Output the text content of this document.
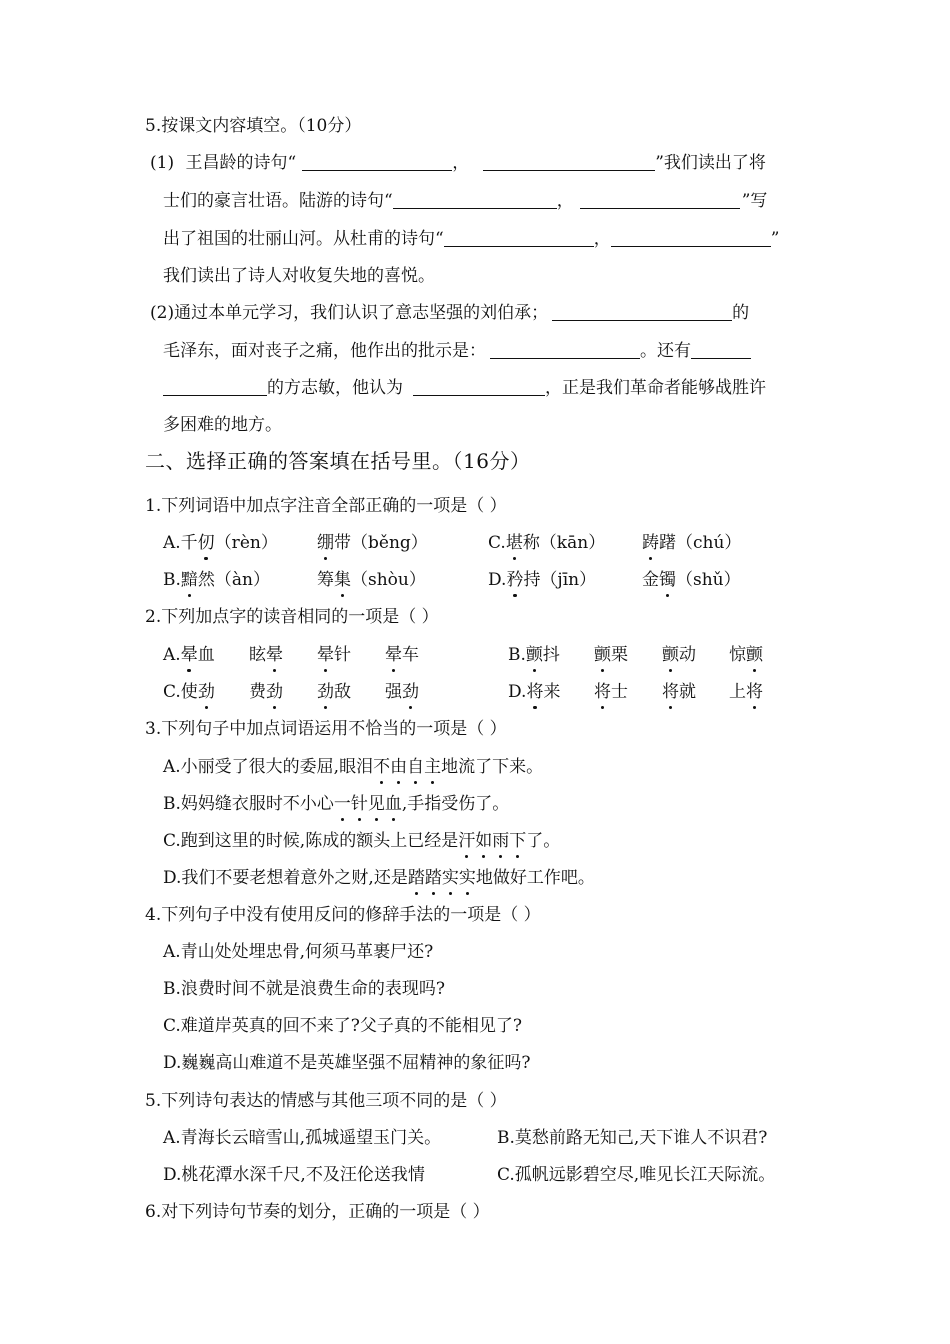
5.按课文内容填空。（10分）
(1) 王昌龄的诗句“	，	”我们读出了将
士们的豪言壮语。陆游的诗句“	，	”写
出了祖国的壮丽山河。从杜甫的诗句“	，	”
我们读出了诗人对收复失地的喜悦。
(2)通过本单元学习，我们认识了意志坚强的刘伯承；	的
毛泽东，面对丧子之痛，他作出的批示是：	。还有
的方志敏，他认为	，正是我们革命者能够战胜许
多困难的地方。
二、选择正确的答案填在括号里。（16分）
1.下列词语中加点字注音全部正确的一项是（ ）
A.千仞（rèn） 绷带（běng）	C.堪称（kān） 踌躇（chú）
B.黯然（àn）	筹集（shòu）	D.矜持（jīn）	金镯（shǔ）
2.下列加点字的读音相同的一项是（ ）
A.晕血 眩晕 晕针 晕车	B.颤抖 颤栗 颤动 惊颤
C.使劲 费劲 劲敌 强劲	D.将来 将士 将就 上将
3.下列句子中加点词语运用不恰当的一项是（ ）
A.小丽受了很大的委屈,眼泪不由自主地流了下来。
B.妈妈缝衣服时不小心一针见血,手指受伤了。
C.跑到这里的时候,陈成的额头上已经是汗如雨下了。
D.我们不要老想着意外之财,还是踏踏实实地做好工作吧。
4.下列句子中没有使用反问的修辞手法的一项是（ ）
A.青山处处埋忠骨,何须马革裹尸还?
B.浪费时间不就是浪费生命的表现吗?
C.难道岸英真的回不来了?父子真的不能相见了?
D.巍巍高山难道不是英雄坚强不屈精神的象征吗?
5.下列诗句表达的情感与其他三项不同的是（ ）
A.青海长云暗雪山,孤城遥望玉门关。	B.莫愁前路无知己,天下谁人不识君?
D.桃花潭水深千尺,不及汪伦送我情	C.孤帆远影碧空尽,唯见长江天际流。
6.对下列诗句节奏的划分，正确的一项是（ ）
